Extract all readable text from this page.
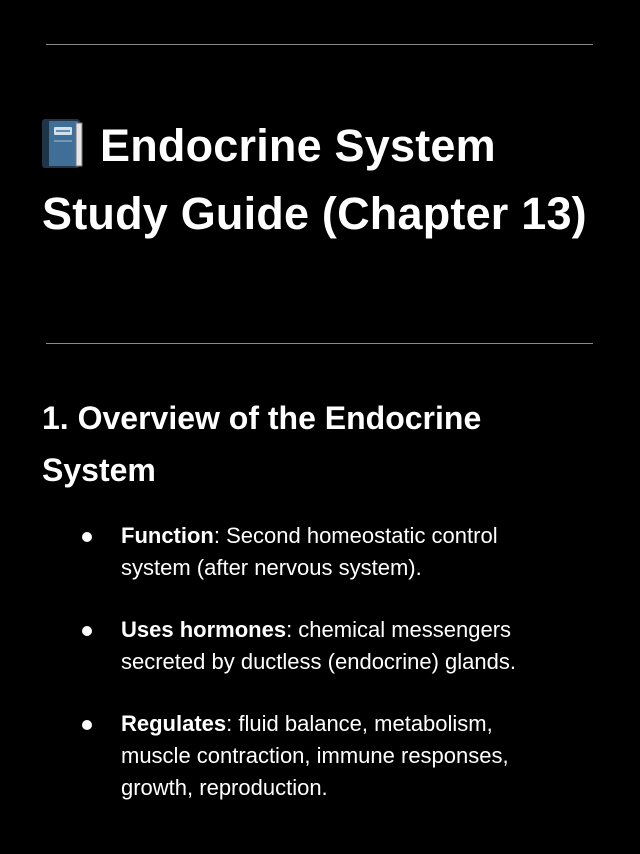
Endocrine System Study Guide (Chapter 13)
1. Overview of the Endocrine System
Function: Second homeostatic control system (after nervous system).
Uses hormones: chemical messengers secreted by ductless (endocrine) glands.
Regulates: fluid balance, metabolism, muscle contraction, immune responses, growth, reproduction.
